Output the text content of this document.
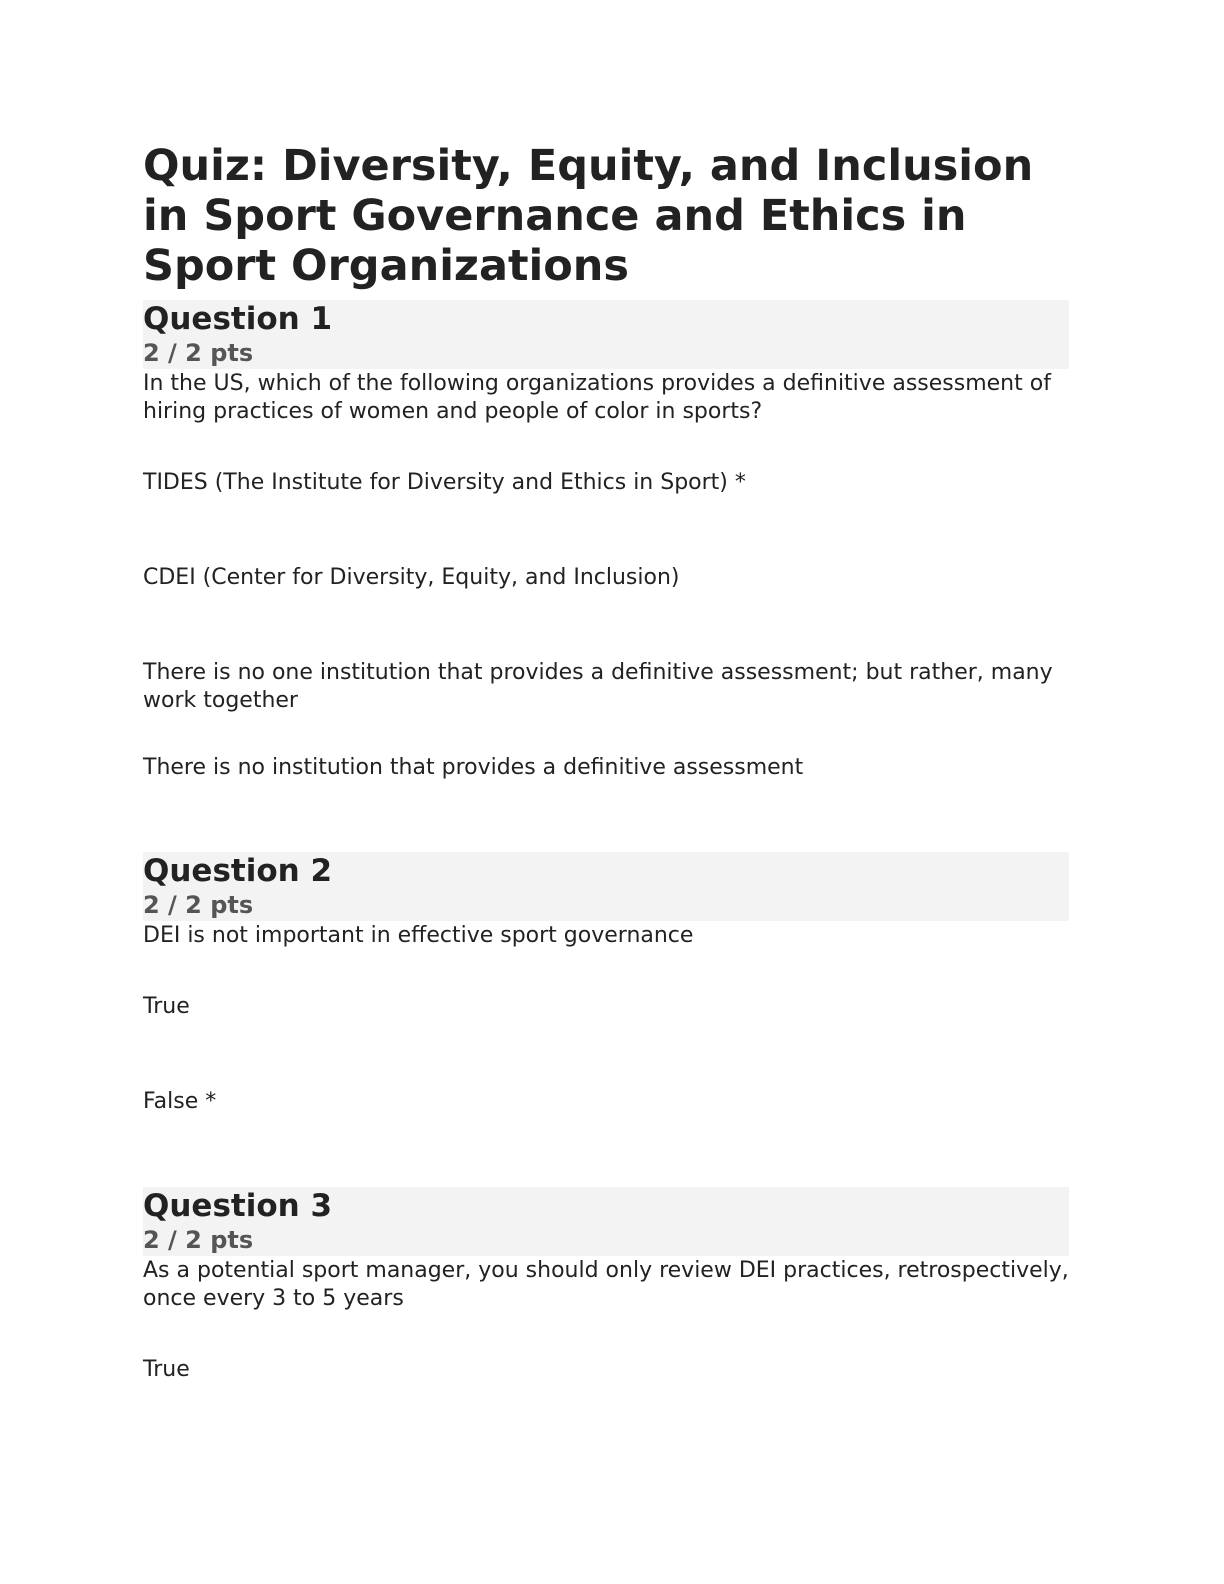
Quiz: Diversity, Equity, and Inclusion in Sport Governance and Ethics in Sport Organizations
Question 1
2 / 2 pts
In the US, which of the following organizations provides a definitive assessment of hiring practices of women and people of color in sports?
TIDES (The Institute for Diversity and Ethics in Sport) *
CDEI (Center for Diversity, Equity, and Inclusion)
There is no one institution that provides a definitive assessment; but rather, many work together
There is no institution that provides a definitive assessment
Question 2
2 / 2 pts
DEI is not important in effective sport governance
True
False *
Question 3
2 / 2 pts
As a potential sport manager, you should only review DEI practices, retrospectively, once every 3 to 5 years
True
